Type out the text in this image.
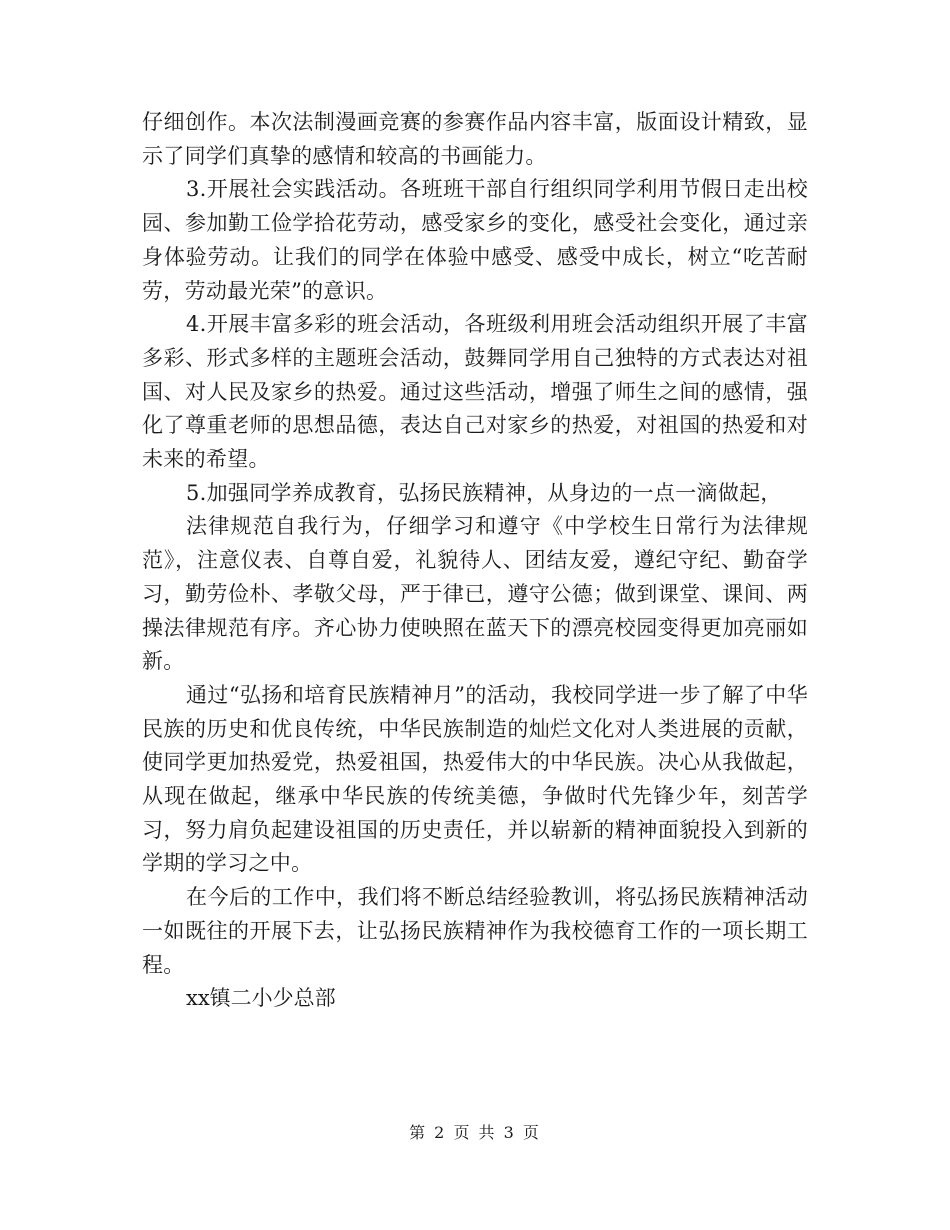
仔细创作。本次法制漫画竞赛的参赛作品内容丰富，版面设计精致，显示了同学们真挚的感情和较高的书画能力。

3.开展社会实践活动。各班班干部自行组织同学利用节假日走出校园、参加勤工俭学拾花劳动，感受家乡的变化，感受社会变化，通过亲身体验劳动。让我们的同学在体验中感受、感受中成长，树立“吃苦耐劳，劳动最光荣”的意识。

4.开展丰富多彩的班会活动，各班级利用班会活动组织开展了丰富多彩、形式多样的主题班会活动，鼓舞同学用自己独特的方式表达对祖国、对人民及家乡的热爱。通过这些活动，增强了师生之间的感情，强化了尊重老师的思想品德，表达自己对家乡的热爱，对祖国的热爱和对未来的希望。

5.加强同学养成教育，弘扬民族精神，从身边的一点一滴做起，

法律规范自我行为，仔细学习和遵守《中学校生日常行为法律规范》，注意仪表、自尊自爱，礼貌待人、团结友爱，遵纪守纪、勤奋学习，勤劳俭朴、孝敬父母，严于律已，遵守公德；做到课堂、课间、两操法律规范有序。齐心协力使映照在蓝天下的漂亮校园变得更加亮丽如新。

通过“弘扬和培育民族精神月”的活动，我校同学进一步了解了中华民族的历史和优良传统，中华民族制造的灿烂文化对人类进展的贡献，使同学更加热爱党，热爱祖国，热爱伟大的中华民族。决心从我做起，从现在做起，继承中华民族的传统美德，争做时代先锋少年，刻苦学习，努力肩负起建设祖国的历史责任，并以崭新的精神面貌投入到新的学期的学习之中。

在今后的工作中，我们将不断总结经验教训，将弘扬民族精神活动一如既往的开展下去，让弘扬民族精神作为我校德育工作的一项长期工程。

xx镇二小少总部

第 2 页 共 3 页
